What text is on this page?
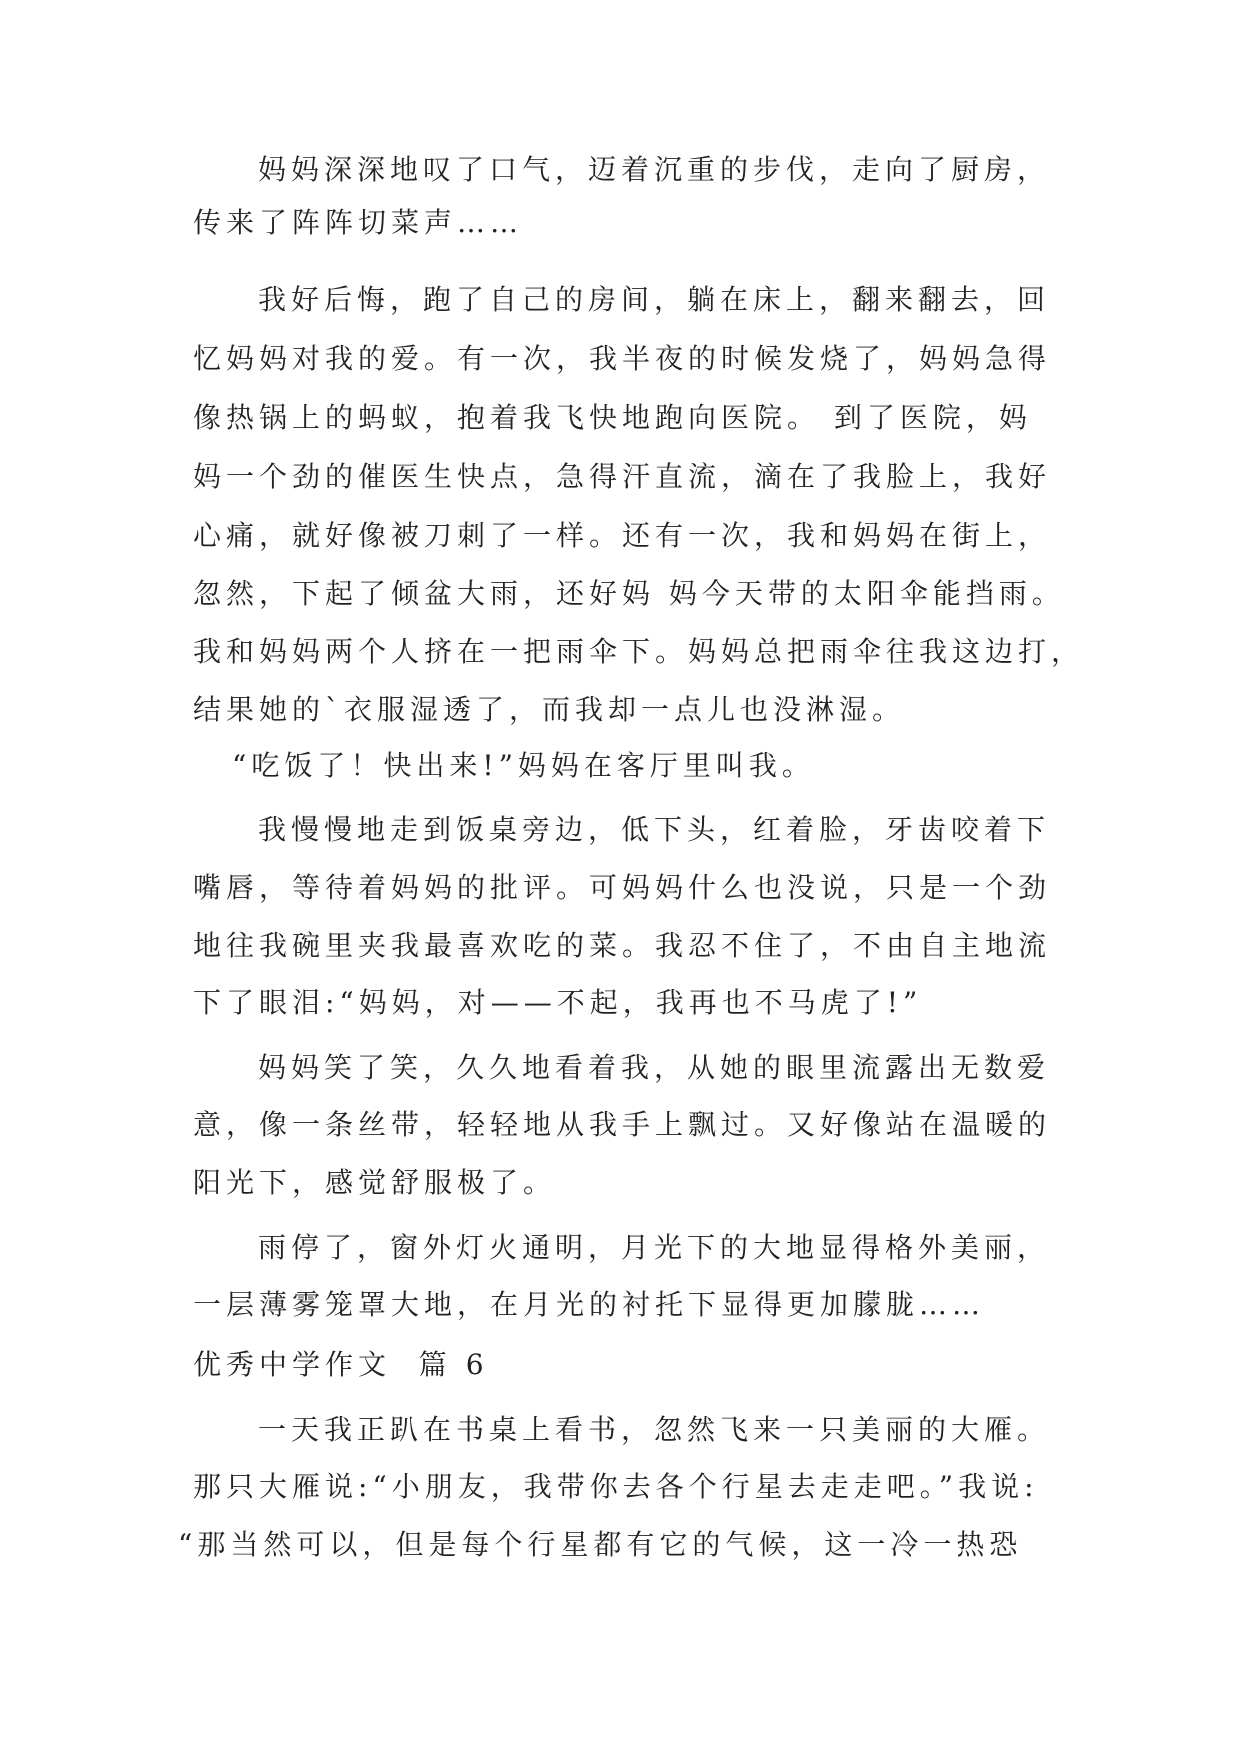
妈妈深深地叹了口气，迈着沉重的步伐，走向了厨房，
传来了阵阵切菜声……
我好后悔，跑了自己的房间，躺在床上，翻来翻去，回
忆妈妈对我的爱。有一次，我半夜的时候发烧了，妈妈急得
像热锅上的蚂蚁，抱着我飞快地跑向医院。 到了医院，妈
妈一个劲的催医生快点，急得汗直流，滴在了我脸上，我好
心痛，就好像被刀刺了一样。还有一次，我和妈妈在街上，
忽然，下起了倾盆大雨，还好妈 妈今天带的太阳伞能挡雨。
我和妈妈两个人挤在一把雨伞下。妈妈总把雨伞往我这边打，
结果她的`衣服湿透了，而我却一点儿也没淋湿。
“吃饭了！快出来!”妈妈在客厅里叫我。
我慢慢地走到饭桌旁边，低下头，红着脸，牙齿咬着下
嘴唇，等待着妈妈的批评。可妈妈什么也没说，只是一个劲
地往我碗里夹我最喜欢吃的菜。我忍不住了，不由自主地流
下了眼泪:“妈妈，对——不起，我再也不马虎了!”
妈妈笑了笑，久久地看着我，从她的眼里流露出无数爱
意，像一条丝带，轻轻地从我手上飘过。又好像站在温暖的
阳光下，感觉舒服极了。
雨停了，窗外灯火通明，月光下的大地显得格外美丽，
一层薄雾笼罩大地，在月光的衬托下显得更加朦胧……
优秀中学作文  篇 6
一天我正趴在书桌上看书，忽然飞来一只美丽的大雁。
那只大雁说:“小朋友，我带你去各个行星去走走吧。”我说:
“那当然可以，但是每个行星都有它的气候，这一冷一热恐
